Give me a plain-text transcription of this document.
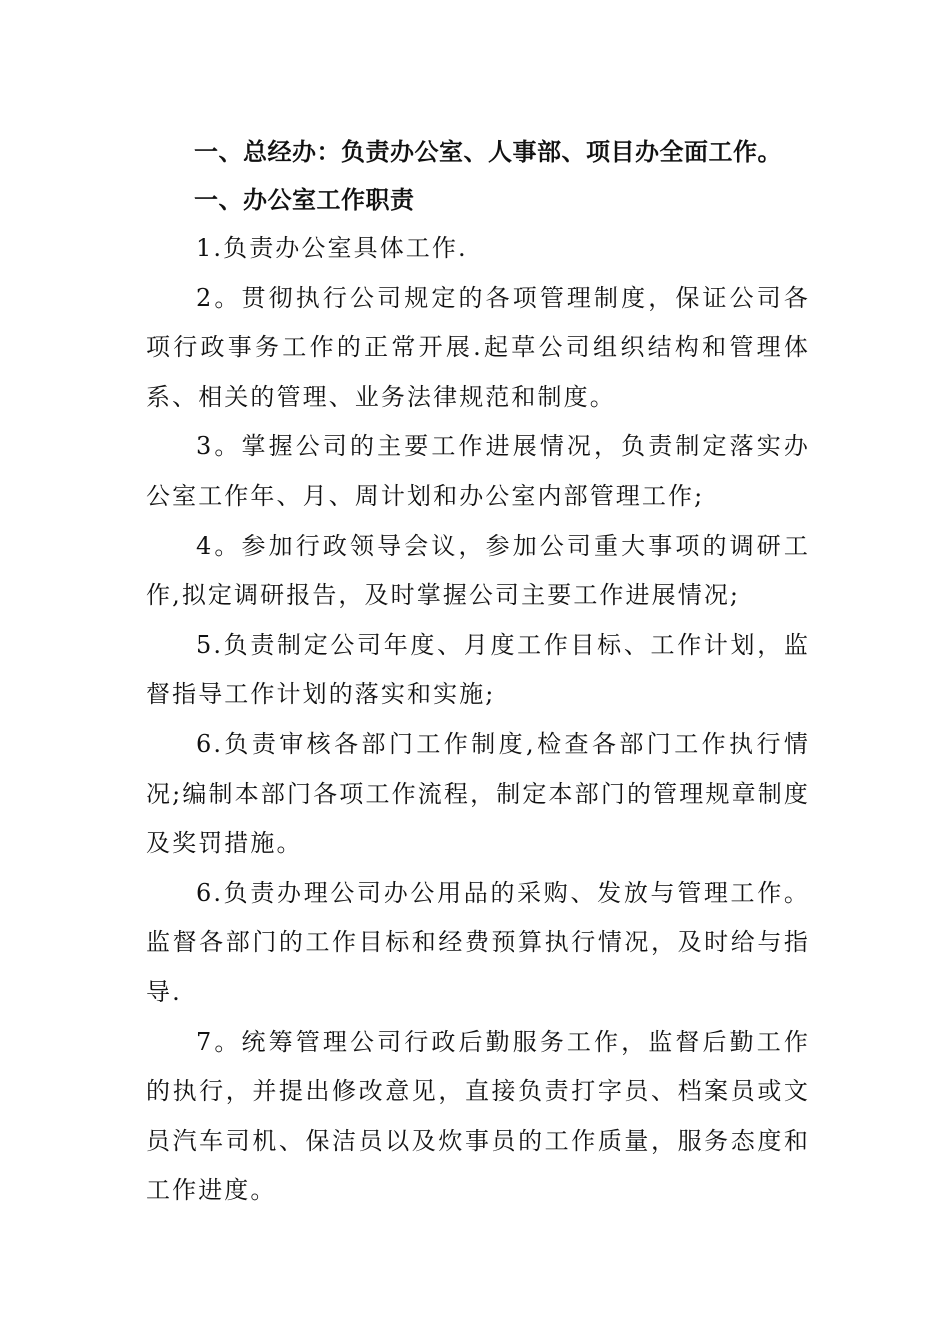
一、总经办：负责办公室、人事部、项目办全面工作。

一、办公室工作职责

1.负责办公室具体工作.

2。贯彻执行公司规定的各项管理制度，保证公司各项行政事务工作的正常开展.起草公司组织结构和管理体系、相关的管理、业务法律规范和制度。

3。掌握公司的主要工作进展情况，负责制定落实办公室工作年、月、周计划和办公室内部管理工作;

4。参加行政领导会议，参加公司重大事项的调研工作,拟定调研报告，及时掌握公司主要工作进展情况;

5.负责制定公司年度、月度工作目标、工作计划，监督指导工作计划的落实和实施;

6.负责审核各部门工作制度,检查各部门工作执行情况;编制本部门各项工作流程，制定本部门的管理规章制度及奖罚措施。

6.负责办理公司办公用品的采购、发放与管理工作。监督各部门的工作目标和经费预算执行情况，及时给与指导.

7。统筹管理公司行政后勤服务工作，监督后勤工作的执行，并提出修改意见，直接负责打字员、档案员或文员汽车司机、保洁员以及炊事员的工作质量，服务态度和工作进度。
